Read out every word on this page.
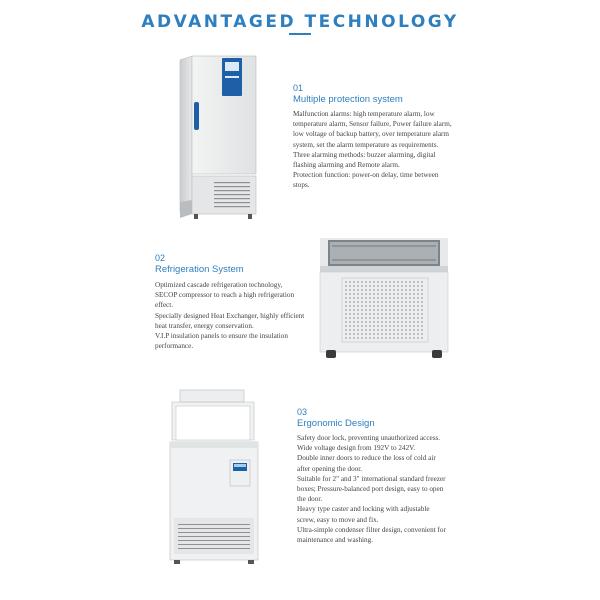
ADVANTAGED TECHNOLOGY
01
Multiple protection system

Malfunction alarms: high temperature alarm, low temperature alarm, Sensor failure, Power failure alarm, low voltage of backup battery, over temperature alarm system, set the alarm temperature as requirements.

Three alarming methods: buzzer alarming, digital flashing alarming and Remote alarm.

Protection function: power-on delay, time between stops.

02
Refrigeration System

Optimized cascade refrigeration technology, SECOP compressor to reach a high refrigeration effect.

Specially designed Heat Exchanger, highly efficient heat transfer, energy conservation.

V.I.P insulation panels to ensure the insulation performance.

03
Ergonomic Design

Safety door lock, preventing unauthorized access.

Wide voltage design from 192V to 242V.

Double inner doors to reduce the loss of cold air after opening the door.

Suitable for 2" and 3" international standard freezer boxes; Pressure-balanced port design, easy to open the door.

Heavy type caster and locking with adjustable screw, easy to move and fix.

Ultra-simple condenser filter design, convenient for maintenance and washing.
